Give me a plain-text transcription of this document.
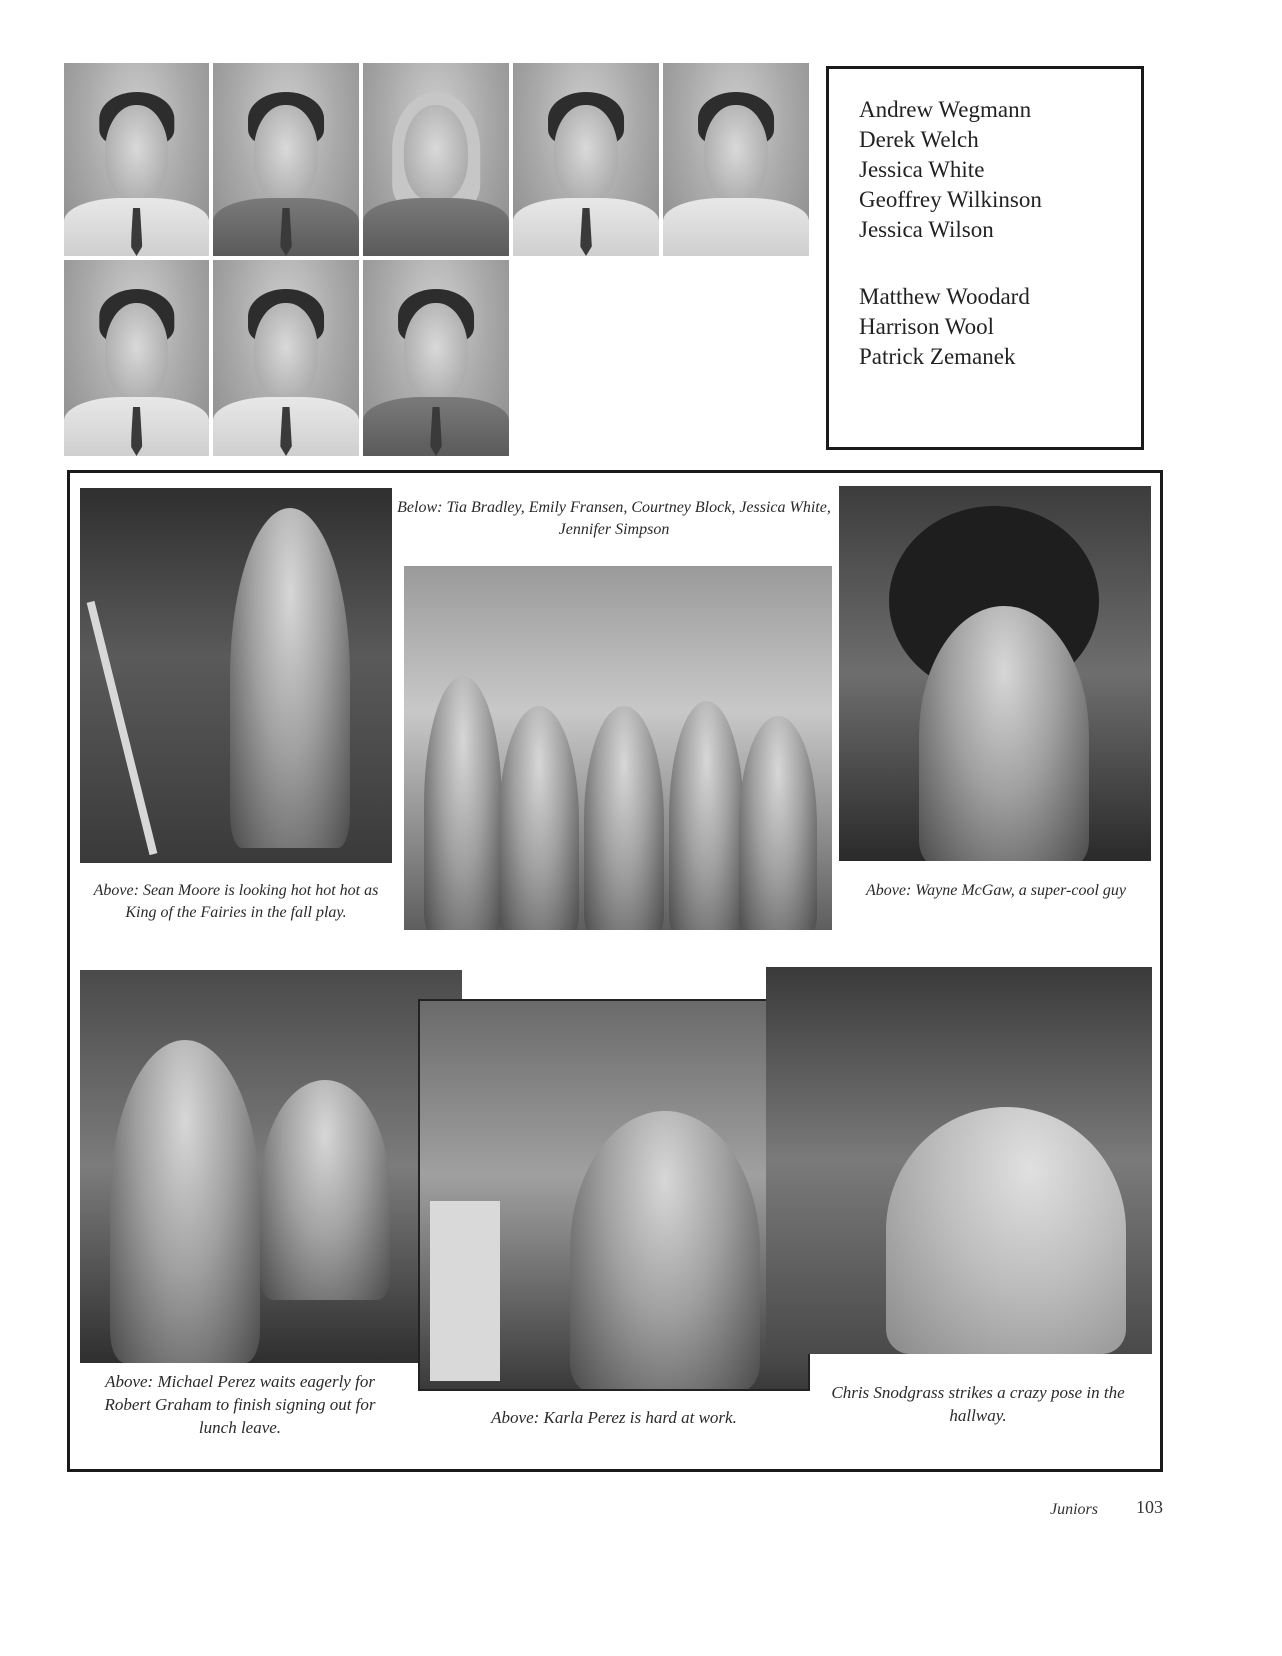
Andrew Wegmann
Derek Welch
Jessica White
Geoffrey Wilkinson
Jessica Wilson
Matthew Woodard
Harrison Wool
Patrick Zemanek
Above: Sean Moore is looking hot hot hot as King of the Fairies in the fall play.
Below: Tia Bradley, Emily Fransen, Courtney Block, Jessica White, Jennifer Simpson
Above: Wayne McGaw, a super-cool guy
Above: Michael Perez waits eagerly for Robert Graham to finish signing out for lunch leave.
Above: Karla Perez is hard at work.
Chris Snodgrass strikes a crazy pose in the hallway.
Juniors 103
